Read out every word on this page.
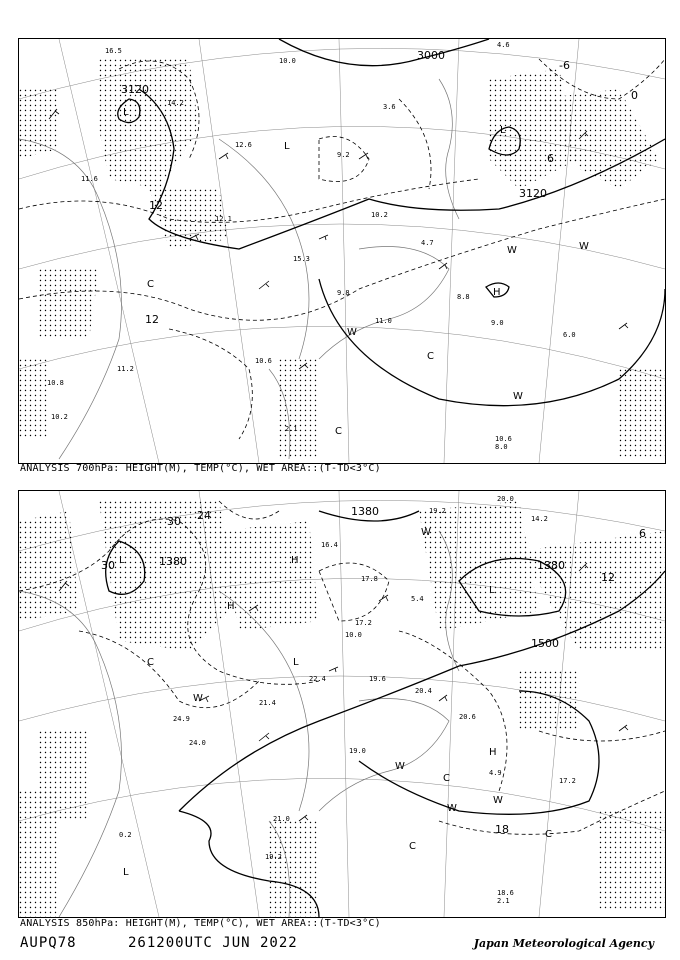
3000
3120
3120
12
12
6
0
-6
L
L
L
H
C
C
C
W	W
W
W
11.6
15.3
12.1
9.2
10.2
8.8
10.6
9.8
11.0
10.6
4.6
3.6
16.5
14.2
12.6
10.0
4.7
11.2
10.8
10.2
2.1
9.0
8.0
6.0
ANALYSIS 700hPa: HEIGHT(M), TEMP(°C), WET AREA::(T-TD<3°C)
1380
1380
1380
1500
18
24
30
30
12
6
L
L
L
L
H
H
H
C
C
C
C
W
W
W
W
W
20.0
19.2
14.2
17.8
16.4
17.2
20.4
21.4
24.0
19.0
19.6
20.6
22.4
24.9
21.0
19.2
18.6
17.2
10.0
2.1
4.9
0.2
5.4
ANALYSIS 850hPa: HEIGHT(M), TEMP(°C), WET AREA::(T-TD<3°C)
AUPQ78	261200UTC JUN 2022	Japan Meteorological Agency
